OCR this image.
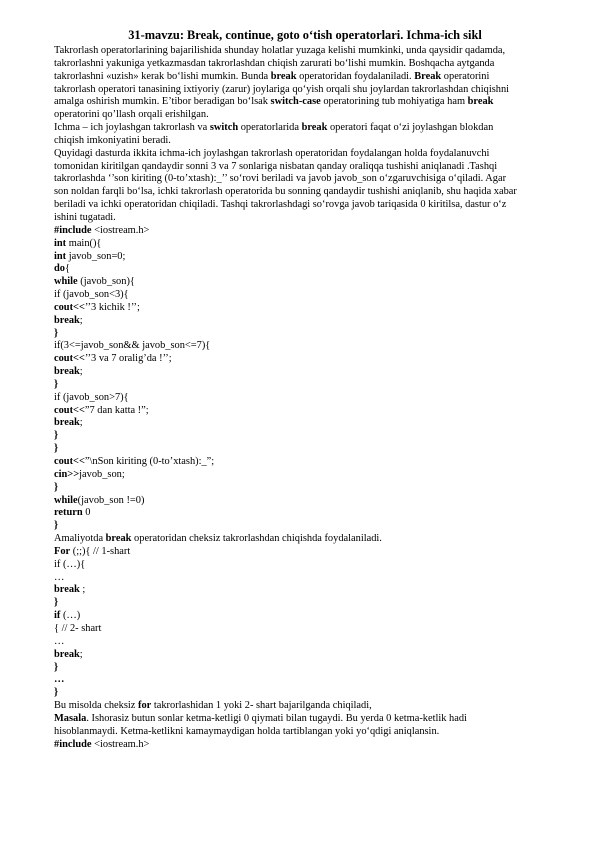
31-mavzu: Break, continue, goto o‘tish operatorlari. Ichma-ich sikl
Takrorlash operatorlarining bajarilishida shunday holatlar yuzaga kelishi mumkinki, unda qaysidir qadamda,
takrorlashni yakuniga yetkazmasdan takrorlashdan chiqish zarurati bo‘lishi mumkin. Boshqacha aytganda
takrorlashni «uzish» kerak bo‘lishi mumkin. Bunda break operatoridan foydalaniladi. Break operatorini
takrorlash operatori tanasining ixtiyoriy (zarur) joylariga qo‘yish orqali shu joylardan takrorlashdan chiqishni
amalga oshirish mumkin. E’tibor beradigan bo‘lsak switch-case operatorining tub mohiyatiga ham break
operatorini qo’llash orqali erishilgan.
Ichma – ich joylashgan takrorlash va switch operatorlarida break operatori faqat o‘zi joylashgan blokdan
chiqish imkoniyatini beradi.
Quyidagi dasturda ikkita ichma-ich joylashgan takrorlash operatoridan foydalangan holda foydalanuvchi
tomonidan kiritilgan qandaydir sonni 3 va 7 sonlariga nisbatan qanday oraliqqa tushishi aniqlanadi .Tashqi
takrorlashda ‘’son kiriting (0-to’xtash):_’’ so‘rovi beriladi va javob javob_son o‘zgaruvchisiga o‘qiladi. Agar
son noldan farqli bo‘lsa, ichki takrorlash operatorida bu sonning qandaydir tushishi aniqlanib, shu haqida xabar
beriladi va ichki operatoridan chiqiladi. Tashqi takrorlashdagi so‘rovga javob tariqasida 0 kiritilsa, dastur o‘z
ishini tugatadi.
#include <iostream.h>
int main(){
int javob_son=0;
do{
while (javob_son){
if (javob_son<3){
cout<<’’3 kichik !’’;
break;
}
if(3<=javob_son&& javob_son<=7){
cout<<’’3 va 7 oralig’da !’’;
break;
}
if (javob_son>7){
cout<<”7 dan katta !”;
break;
}
}
cout<<”\nSon kiriting (0-to’xtash):_”;
cin>>javob_son;
}
while(javob_son !=0)
return 0
}
Amaliyotda break operatoridan cheksiz takrorlashdan chiqishda foydalaniladi.
For (;;){ // 1-shart
if (…){
…
break ;
}
if (…)
{ // 2- shart
…
break;
}
…
}
Bu misolda cheksiz for takrorlashidan 1 yoki 2- shart bajarilganda chiqiladi,
Masala. Ishorasiz butun sonlar ketma-ketligi 0 qiymati bilan tugaydi. Bu yerda 0 ketma-ketlik hadi
hisoblanmaydi. Ketma-ketlikni kamaymaydigan holda tartiblangan yoki yo‘qdigi aniqlansin.
#include <iostream.h>
